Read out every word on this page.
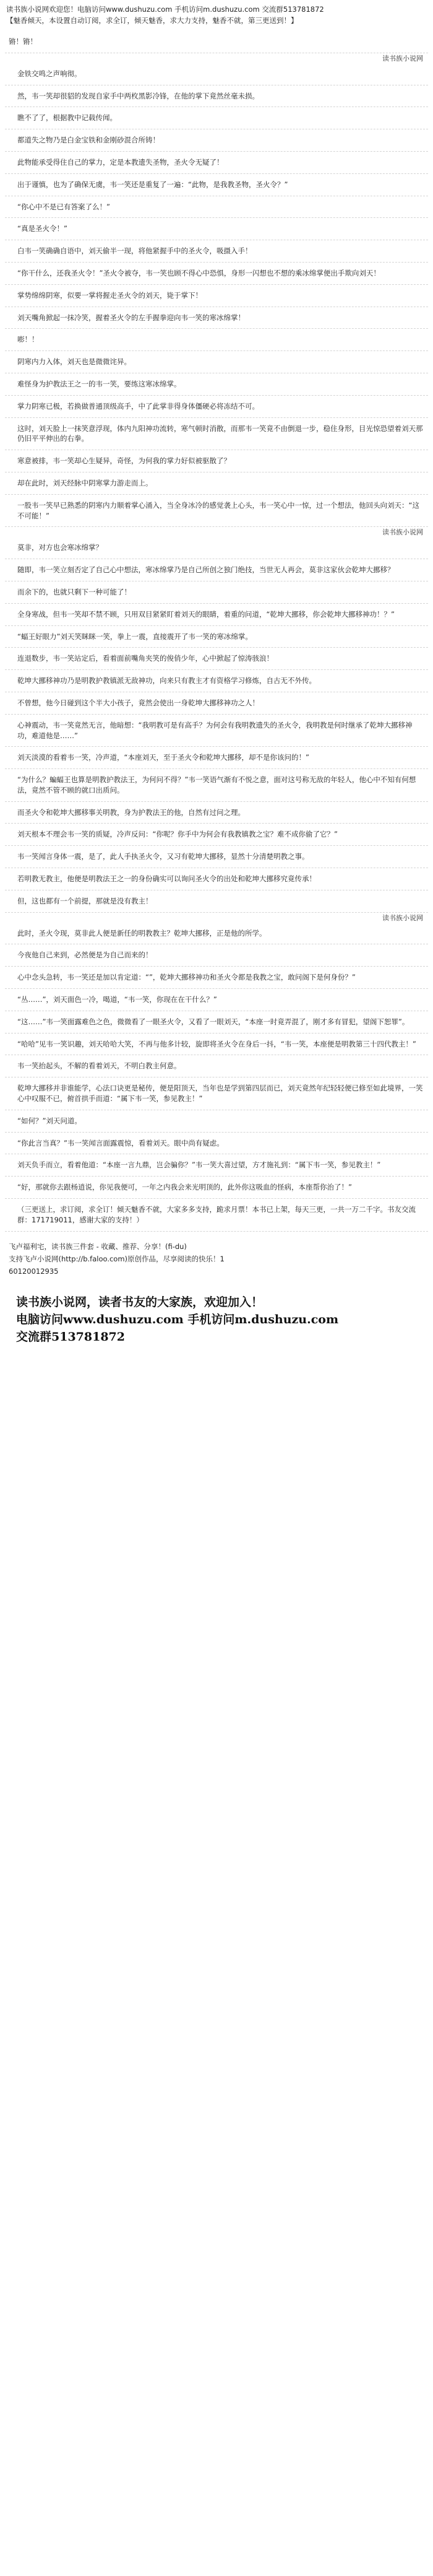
读书族小说网欢迎您！电脑访问www.dushuzu.com 手机访问m.dushuzu.com 交流群513781872
【魅香倾天，本设置自动订阅，求全订，倾天魅香，求大力支持，魅香不就，第三更送到！】
锵！锵！
读书族小说网
金铁交鸣之声响彻。
然，韦一笑却很貂的发现自家手中两枚黑影冷锋，在他的掌下竟然丝毫未损。
瞧不了了，根据教中记载传闻。
都道失之物乃是白金宝铁和金刚砂混合所铸！
此物能承受得住自己的掌力，定是本教遗失圣物，圣火令无疑了！
出于谨慎，也为了确保无虞，韦一笑还是重复了一遍：“此物，是我教圣物，圣火令？”
“你心中不是已有答案了么！”
“真是圣火令！”
白韦一笑确确自语中，刘天偷半一现，将他紧握手中的圣火令，吸摄入手！
“你干什么，还我圣火令！”圣火令被夺，韦一笑也顾不得心中恐惧，身形一闪想也不想的乘冰绵掌便出手欺向刘天！
掌势绵绵阴寒，似要一掌将握走圣火令的刘天，毙于掌下！
刘天嘴角掀起一抹冷笑，握着圣火令的左手握拳迎向韦一笑的寒冰绵掌！
嘭！！
阴寒内力入体，刘天也是微微诧异。
难怪身为护教法王之一的韦一笑，要练这寒冰绵掌。
掌力阴寒已极，若换做普通顶级高手，中了此掌非得身体僵硬必将冻结不可。
这时，刘天脸上一抹笑意浮现，体内九阳神功流转，寒气顿时消散，而那韦一笑竟不由倒退一步，稳住身形，目光惊恐望着刘天那仍旧平平伸出的右拳。
寒意被排，韦一笑却心生疑异，奇怪，为何我的掌力好似被驱散了？
却在此时，刘天经脉中阴寒掌力游走而上。
一股韦一笑早已熟悉的阴寒内力顺着掌心涌入，当全身冰冷的感觉袭上心头，韦一笑心中一惊，过一个想法，他回头向刘天：“这不可能！”
读书族小说网
莫非，对方也会寒冰绵掌？
随即，韦一笑立刻否定了自己心中想法，寒冰绵掌乃是自己所创之独门绝技，当世无人再会，莫非这家伙会乾坤大挪移？
而余下的，也就只剩下一种可能了！
全身寒战，但韦一笑却不禁不顾，只用双目紧紧盯着刘天的眼睛，着重的问道，“乾坤大挪移，你会乾坤大挪移神功！？”
“蝠王好眼力”刘天笑眯眯一笑，拳上一震，直接震开了韦一笑的寒冰绵掌。
连退数步，韦一笑站定后，看着面前嘴角夹笑的俊俏少年，心中掀起了惊涛骇浪！
乾坤大挪移神功乃是明教护教镇派无敌神功，向来只有教主才有资格学习修炼，自古无不外传。
不曾想，他今日碰到这个半大小孩子，竟然会使出一身乾坤大挪移神功之人！
心神震动，韦一笑竟然无言，他暗想：“我明教可是有高手？为何会有我明教遗失的圣火令，我明教是何时继承了乾坤大挪移神功，难道他是……”
刘天淡漠的看着韦一笑，冷声道，“本座刘天，至于圣火令和乾坤大挪移，却不是你该问的！”
“为什么？蝙蝠王也算是明教护教法王，为何问不得？”韦一笑语气渐有不悦之意，面对这号称无敌的年轻人，他心中不知有何想法，竟然不管不顾的就口出质问。
而圣火令和乾坤大挪移事关明教，身为护教法王的他，自然有过问之理。
刘天根本不理会韦一笑的质疑，冷声反问：“你呢？你手中为何会有我教镇教之宝？难不成你偷了它？”
韦一笑闻言身体一震，是了，此人手执圣火令，又习有乾坤大挪移，显然十分清楚明教之事。
若明教无教主，他便是明教法王之一的身份确实可以询问圣火令的出处和乾坤大挪移究竟传承！
但，这也都有一个前提，那就是没有教主！
读书族小说网
此时，圣火令现，莫非此人便是新任的明教教主？乾坤大挪移，正是他的所学。
今夜他自己来到，必然便是为自己而来的！
心中念头急转，韦一笑还是加以肯定道：“”，乾坤大挪移神功和圣火令都是我教之宝，敢问阁下是何身份？”
“丛……”，刘天面色一冷，喝道，“韦一笑，你现在在干什么？”
“这……”韦一笑面露难色之色，微微看了一眼圣火令，又看了一眼刘天，“本座一时竟弄混了，刚才多有冒犯，望阁下恕罪”。
“哈哈”见韦一笑识趣，刘天哈哈大笑，不再与他多计较，旋即将圣火令在身后一抖，“韦一笑，本座便是明教第三十四代教主！”
韦一笑抬起头，不解的看着刘天，不明白教主何意。
乾坤大挪移并非谁能学，心法口诀更是秘传，便是阳顶天，当年也是学到第四层而已，刘天竟然年纪轻轻便已修至如此境界，一笑心中叹服不已，俯首拱手而道：“属下韦一笑，参见教主！”
“如何？”刘天问道。
“你此言当真？”韦一笑闻言面露震惊，看着刘天。眼中尚有疑虑。
刘天负手而立，看着他道：“本座一言九鼎，岂会骗你？”韦一笑大喜过望，方才施礼到：“属下韦一笑，参见教主！”
“好，那就你去跟杨逍说，你见我便可，一年之内我会来光明顶的，此外你这吸血的怪病，本座帮你治了！”
（三更送上，求订阅，求全订！倾天魅香不就，大家多多支持，跪求月票！本书已上架，每天三更，一共一万二千字。书友交流群：171719011，感谢大家的支持！）
飞卢福利宅，读书族三件套 - 收藏、推荐、分享！(fi-du)
支持飞卢小说网(http://b.faloo.com)原创作品，尽享阅读的快乐！1
60120012935
读书族小说网，读者书友的大家族，欢迎加入！
电脑访问www.dushuzu.com 手机访问m.dushuzu.com
交流群513781872
